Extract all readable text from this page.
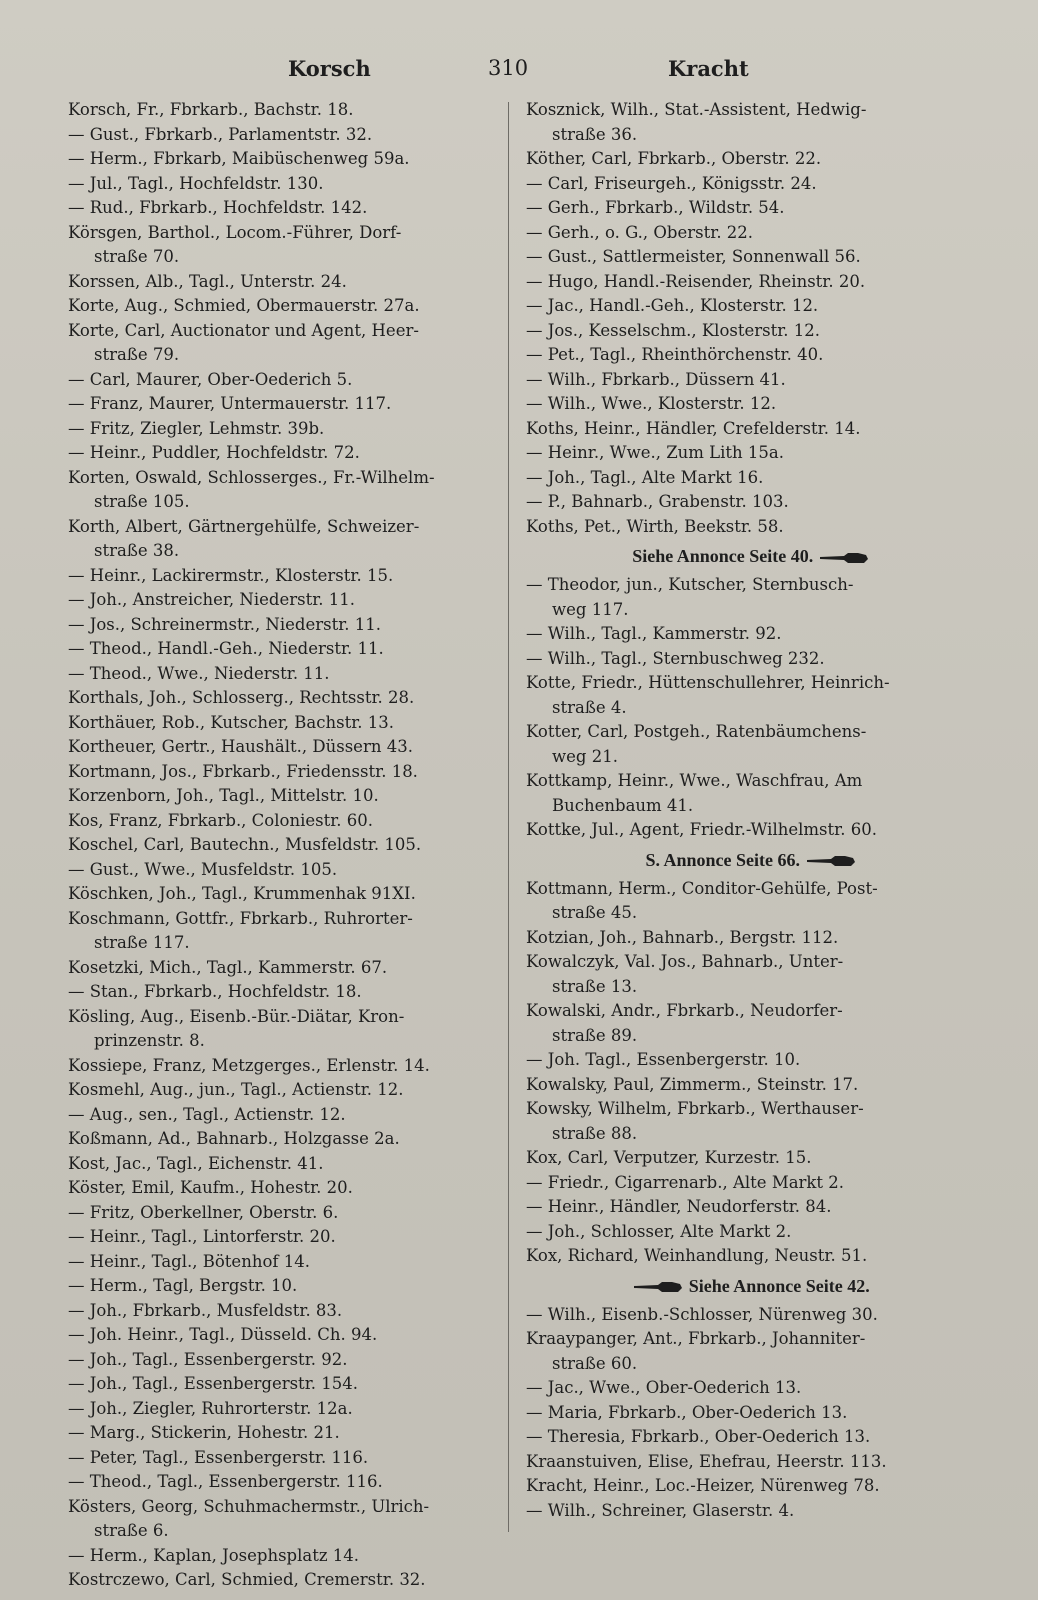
Korsch	310	Kracht
Korsch, Fr., Fbrkarb., Bachstr. 18.
— Gust., Fbrkarb., Parlamentstr. 32.
— Herm., Fbrkarb, Maibüschenweg 59a.
— Jul., Tagl., Hochfeldstr. 130.
— Rud., Fbrkarb., Hochfeldstr. 142.
Körsgen, Barthol., Locom.-Führer, Dorf-
straße 70.
Korssen, Alb., Tagl., Unterstr. 24.
Korte, Aug., Schmied, Obermauerstr. 27a.
Korte, Carl, Auctionator und Agent, Heer-
straße 79.
— Carl, Maurer, Ober-Oederich 5.
— Franz, Maurer, Untermauerstr. 117.
— Fritz, Ziegler, Lehmstr. 39b.
— Heinr., Puddler, Hochfeldstr. 72.
Korten, Oswald, Schlosserges., Fr.-Wilhelm-
straße 105.
Korth, Albert, Gärtnergehülfe, Schweizer-
straße 38.
— Heinr., Lackirermstr., Klosterstr. 15.
— Joh., Anstreicher, Niederstr. 11.
— Jos., Schreinermstr., Niederstr. 11.
— Theod., Handl.-Geh., Niederstr. 11.
— Theod., Wwe., Niederstr. 11.
Korthals, Joh., Schlosserg., Rechtsstr. 28.
Korthäuer, Rob., Kutscher, Bachstr. 13.
Kortheuer, Gertr., Haushält., Düssern 43.
Kortmann, Jos., Fbrkarb., Friedensstr. 18.
Korzenborn, Joh., Tagl., Mittelstr. 10.
Kos, Franz, Fbrkarb., Coloniestr. 60.
Koschel, Carl, Bautechn., Musfeldstr. 105.
— Gust., Wwe., Musfeldstr. 105.
Köschken, Joh., Tagl., Krummenhak 91XI.
Koschmann, Gottfr., Fbrkarb., Ruhrorter-
straße 117.
Kosetzki, Mich., Tagl., Kammerstr. 67.
— Stan., Fbrkarb., Hochfeldstr. 18.
Kösling, Aug., Eisenb.-Bür.-Diätar, Kron-
prinzenstr. 8.
Kossiepe, Franz, Metzgerges., Erlenstr. 14.
Kosmehl, Aug., jun., Tagl., Actienstr. 12.
— Aug., sen., Tagl., Actienstr. 12.
Koßmann, Ad., Bahnarb., Holzgasse 2a.
Kost, Jac., Tagl., Eichenstr. 41.
Köster, Emil, Kaufm., Hohestr. 20.
— Fritz, Oberkellner, Oberstr. 6.
— Heinr., Tagl., Lintorferstr. 20.
— Heinr., Tagl., Bötenhof 14.
— Herm., Tagl, Bergstr. 10.
— Joh., Fbrkarb., Musfeldstr. 83.
— Joh. Heinr., Tagl., Düsseld. Ch. 94.
— Joh., Tagl., Essenbergerstr. 92.
— Joh., Tagl., Essenbergerstr. 154.
— Joh., Ziegler, Ruhrorterstr. 12a.
— Marg., Stickerin, Hohestr. 21.
— Peter, Tagl., Essenbergerstr. 116.
— Theod., Tagl., Essenbergerstr. 116.
Kösters, Georg, Schuhmachermstr., Ulrich-
straße 6.
— Herm., Kaplan, Josephsplatz 14.
Kostrczewo, Carl, Schmied, Cremerstr. 32.
Kosznick, Wilh., Stat.-Assistent, Hedwig-
straße 36.
Köther, Carl, Fbrkarb., Oberstr. 22.
— Carl, Friseurgeh., Königsstr. 24.
— Gerh., Fbrkarb., Wildstr. 54.
— Gerh., o. G., Oberstr. 22.
— Gust., Sattlermeister, Sonnenwall 56.
— Hugo, Handl.-Reisender, Rheinstr. 20.
— Jac., Handl.-Geh., Klosterstr. 12.
— Jos., Kesselschm., Klosterstr. 12.
— Pet., Tagl., Rheinthörchenstr. 40.
— Wilh., Fbrkarb., Düssern 41.
— Wilh., Wwe., Klosterstr. 12.
Koths, Heinr., Händler, Crefelderstr. 14.
— Heinr., Wwe., Zum Lith 15a.
— Joh., Tagl., Alte Markt 16.
— P., Bahnarb., Grabenstr. 103.
Koths, Pet., Wirth, Beekstr. 58.
Siehe Annonce Seite 40.
— Theodor, jun., Kutscher, Sternbusch-
weg 117.
— Wilh., Tagl., Kammerstr. 92.
— Wilh., Tagl., Sternbuschweg 232.
Kotte, Friedr., Hüttenschullehrer, Heinrich-
straße 4.
Kotter, Carl, Postgeh., Ratenbäumchens-
weg 21.
Kottkamp, Heinr., Wwe., Waschfrau, Am
Buchenbaum 41.
Kottke, Jul., Agent, Friedr.-Wilhelmstr. 60.
S. Annonce Seite 66.
Kottmann, Herm., Conditor-Gehülfe, Post-
straße 45.
Kotzian, Joh., Bahnarb., Bergstr. 112.
Kowalczyk, Val. Jos., Bahnarb., Unter-
straße 13.
Kowalski, Andr., Fbrkarb., Neudorfer-
straße 89.
— Joh. Tagl., Essenbergerstr. 10.
Kowalsky, Paul, Zimmerm., Steinstr. 17.
Kowsky, Wilhelm, Fbrkarb., Werthauser-
straße 88.
Kox, Carl, Verputzer, Kurzestr. 15.
— Friedr., Cigarrenarb., Alte Markt 2.
— Heinr., Händler, Neudorferstr. 84.
— Joh., Schlosser, Alte Markt 2.
Kox, Richard, Weinhandlung, Neustr. 51.
Siehe Annonce Seite 42.
— Wilh., Eisenb.-Schlosser, Nürenweg 30.
Kraaypanger, Ant., Fbrkarb., Johanniter-
straße 60.
— Jac., Wwe., Ober-Oederich 13.
— Maria, Fbrkarb., Ober-Oederich 13.
— Theresia, Fbrkarb., Ober-Oederich 13.
Kraanstuiven, Elise, Ehefrau, Heerstr. 113.
Kracht, Heinr., Loc.-Heizer, Nürenweg 78.
— Wilh., Schreiner, Glaserstr. 4.
